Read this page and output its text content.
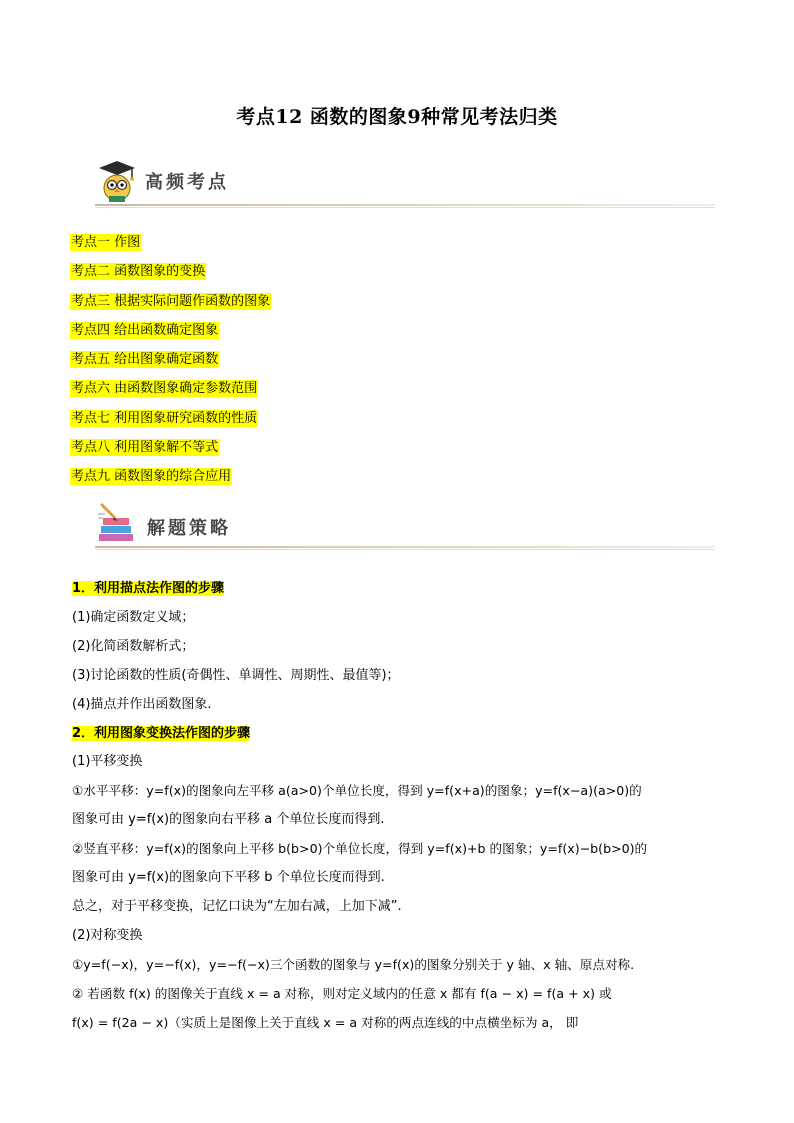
考点12 函数的图象9种常见考法归类
高频考点
考点一 作图
考点二 函数图象的变换
考点三 根据实际问题作函数的图象
考点四 给出函数确定图象
考点五 给出图象确定函数
考点六 由函数图象确定参数范围
考点七 利用图象研究函数的性质
考点八 利用图象解不等式
考点九 函数图象的综合应用
解题策略

1．利用描点法作图的步骤

(1)确定函数定义域；

(2)化简函数解析式；

(3)讨论函数的性质(奇偶性、单调性、周期性、最值等)；

(4)描点并作出函数图象.

2．利用图象变换法作图的步骤

(1)平移变换

①水平平移：y=f(x)的图象向左平移 a(a>0)个单位长度，得到 y=f(x+a)的图象；y=f(x−a)(a>0)的

图象可由 y=f(x)的图象向右平移 a 个单位长度而得到.

②竖直平移：y=f(x)的图象向上平移 b(b>0)个单位长度，得到 y=f(x)+b 的图象；y=f(x)−b(b>0)的

图象可由 y=f(x)的图象向下平移 b 个单位长度而得到.

总之，对于平移变换，记忆口诀为“左加右减，上加下减”.

(2)对称变换

①y=f(−x)，y=−f(x)，y=−f(−x)三个函数的图象与 y=f(x)的图象分别关于 y 轴、x 轴、原点对称.

② 若函数 f(x) 的图像关于直线 x = a 对称，则对定义域内的任意 x 都有 f(a − x) = f(a + x) 或

f(x) = f(2a − x)（实质上是图像上关于直线 x = a 对称的两点连线的中点横坐标为 a， 即
